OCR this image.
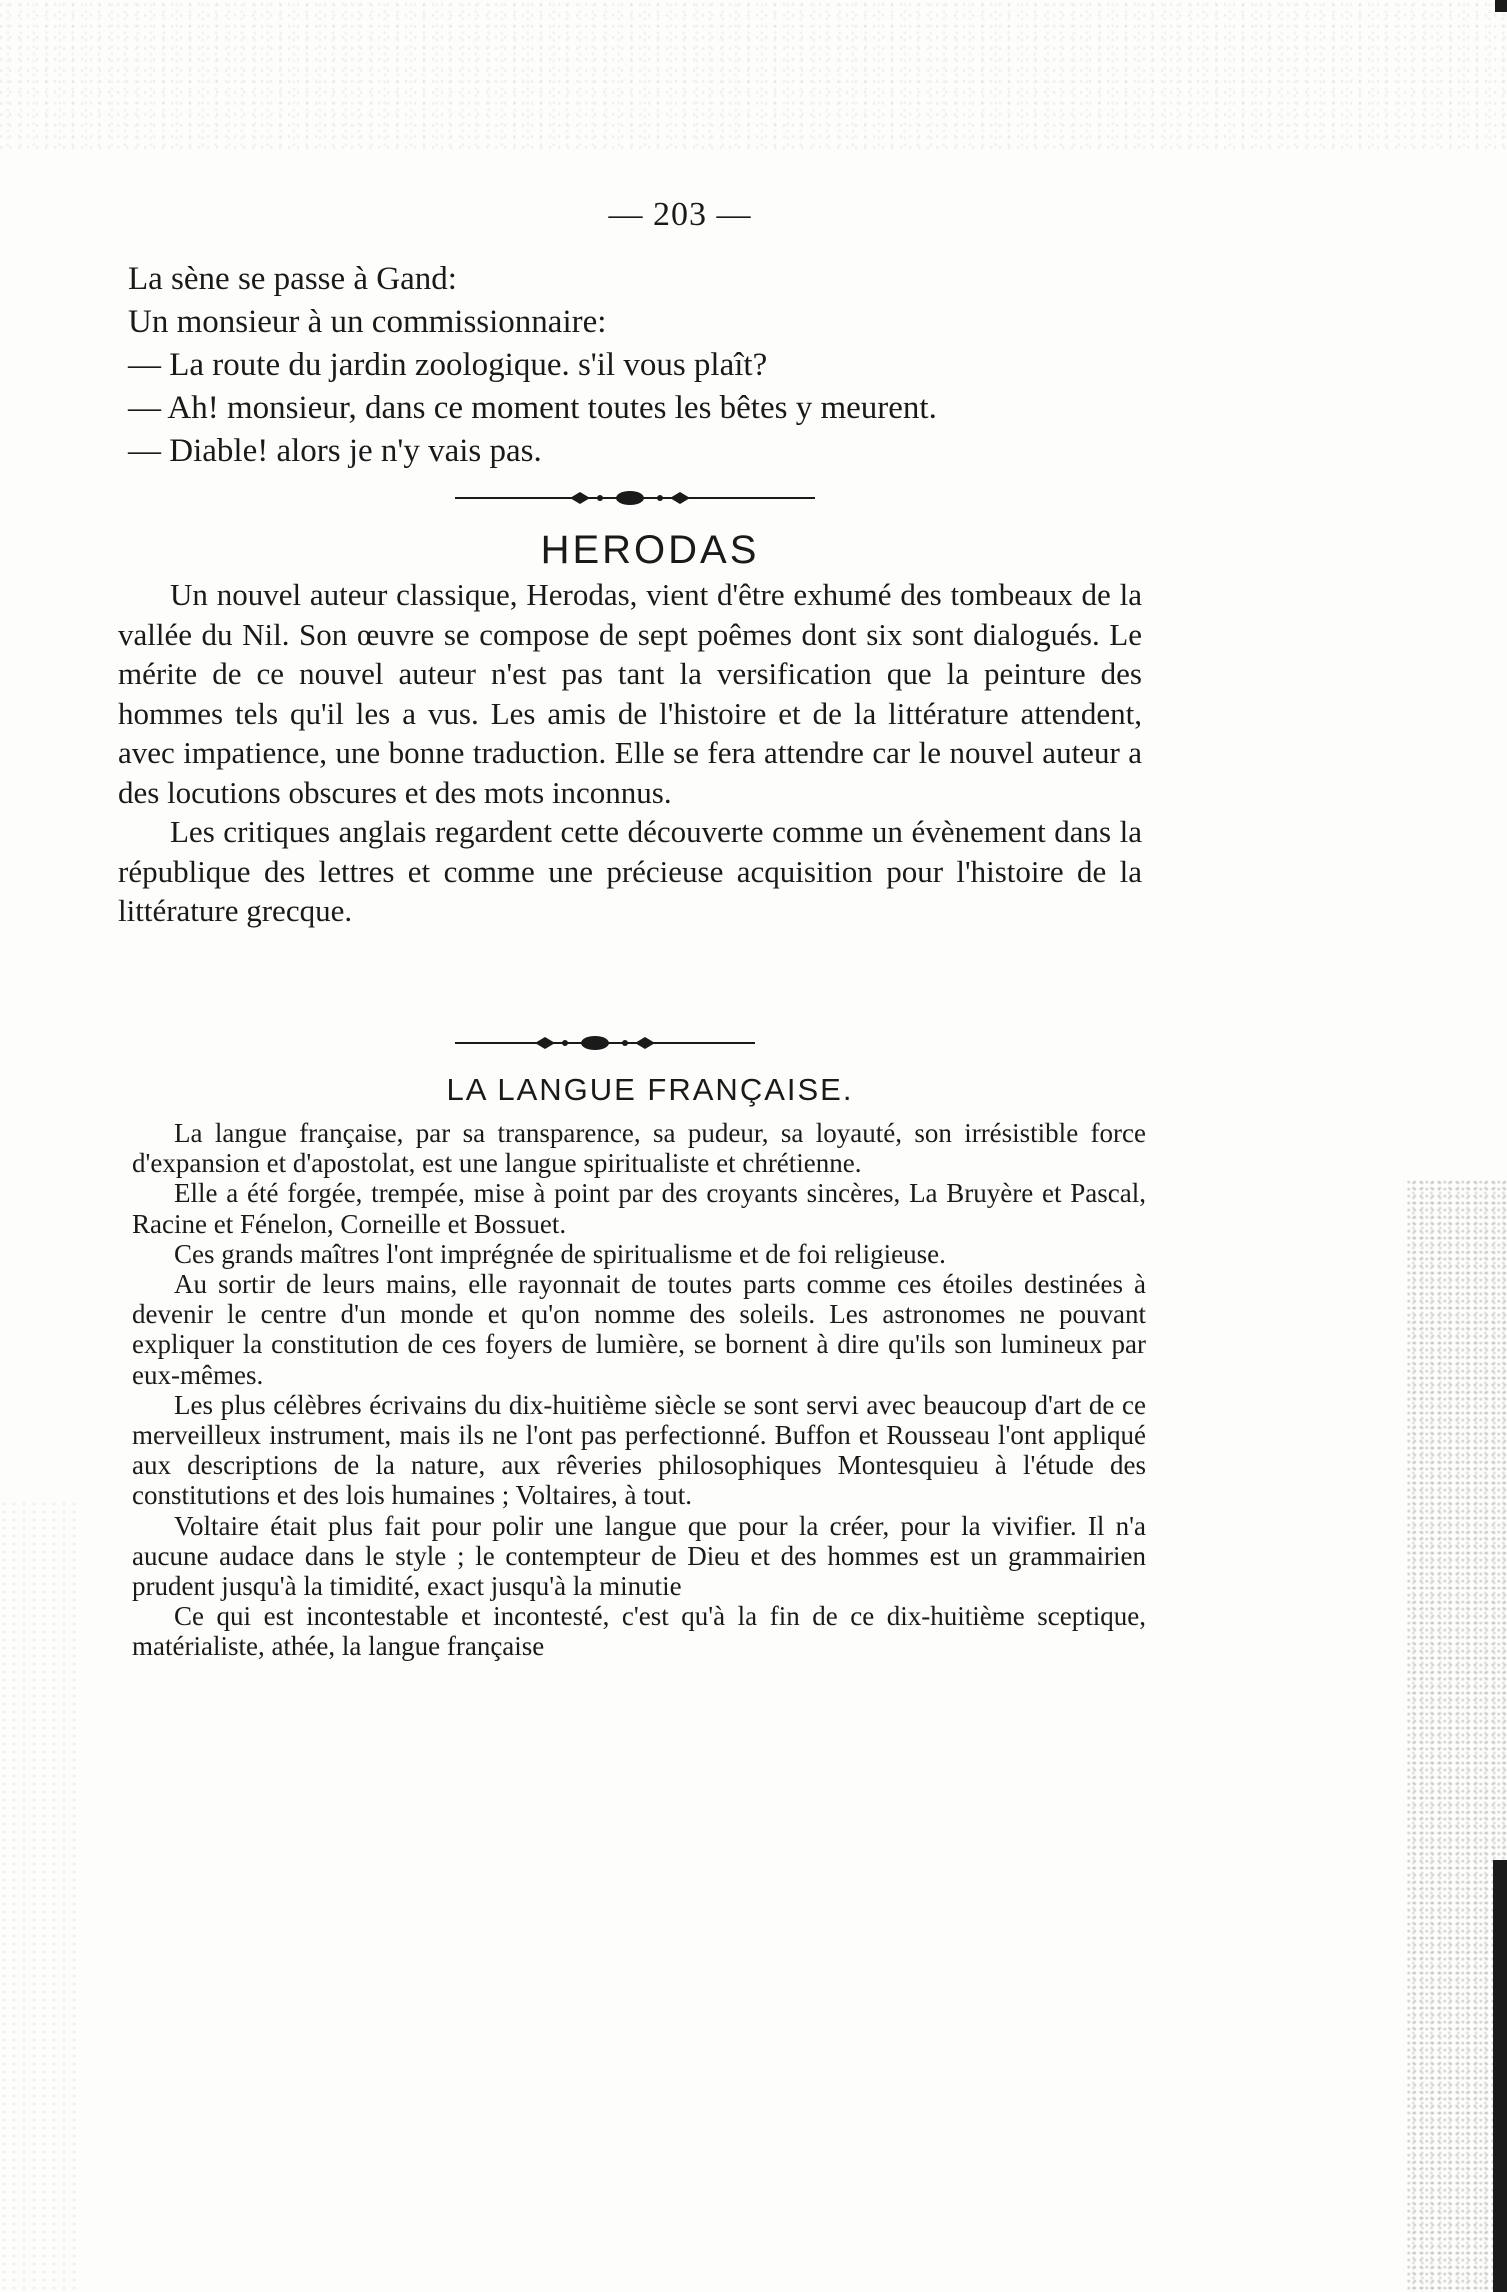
— 203 —
La sène se passe à Gand:
Un monsieur à un commissionnaire:
— La route du jardin zoologique. s'il vous plaît?
— Ah! monsieur, dans ce moment toutes les bêtes y meurent.
— Diable! alors je n'y vais pas.
HERODAS

Un nouvel auteur classique, Herodas, vient d'être exhumé des tombeaux de la vallée du Nil. Son œuvre se compose de sept poêmes dont six sont dialogués. Le mérite de ce nouvel auteur n'est pas tant la versification que la peinture des hommes tels qu'il les a vus. Les amis de l'histoire et de la littérature attendent, avec impatience, une bonne traduction. Elle se fera attendre car le nouvel auteur a des locutions obscures et des mots inconnus.

Les critiques anglais regardent cette découverte comme un évènement dans la république des lettres et comme une précieuse acquisition pour l'histoire de la littérature grecque.

LA LANGUE FRANÇAISE.

La langue française, par sa transparence, sa pudeur, sa loyauté, son irrésistible force d'expansion et d'apostolat, est une langue spiritualiste et chrétienne.

Elle a été forgée, trempée, mise à point par des croyants sincères, La Bruyère et Pascal, Racine et Fénelon, Corneille et Bossuet.

Ces grands maîtres l'ont imprégnée de spiritualisme et de foi religieuse.

Au sortir de leurs mains, elle rayonnait de toutes parts comme ces étoiles destinées à devenir le centre d'un monde et qu'on nomme des soleils. Les astronomes ne pouvant expliquer la constitution de ces foyers de lumière, se bornent à dire qu'ils son lumineux par eux-mêmes.

Les plus célèbres écrivains du dix-huitième siècle se sont servi avec beaucoup d'art de ce merveilleux instrument, mais ils ne l'ont pas perfectionné. Buffon et Rousseau l'ont appliqué aux descriptions de la nature, aux rêveries philosophiques Montesquieu à l'étude des constitutions et des lois humaines ; Voltaires, à tout.

Voltaire était plus fait pour polir une langue que pour la créer, pour la vivifier. Il n'a aucune audace dans le style ; le contempteur de Dieu et des hommes est un grammairien prudent jusqu'à la timidité, exact jusqu'à la minutie

Ce qui est incontestable et incontesté, c'est qu'à la fin de ce dix-huitième sceptique, matérialiste, athée, la langue française
